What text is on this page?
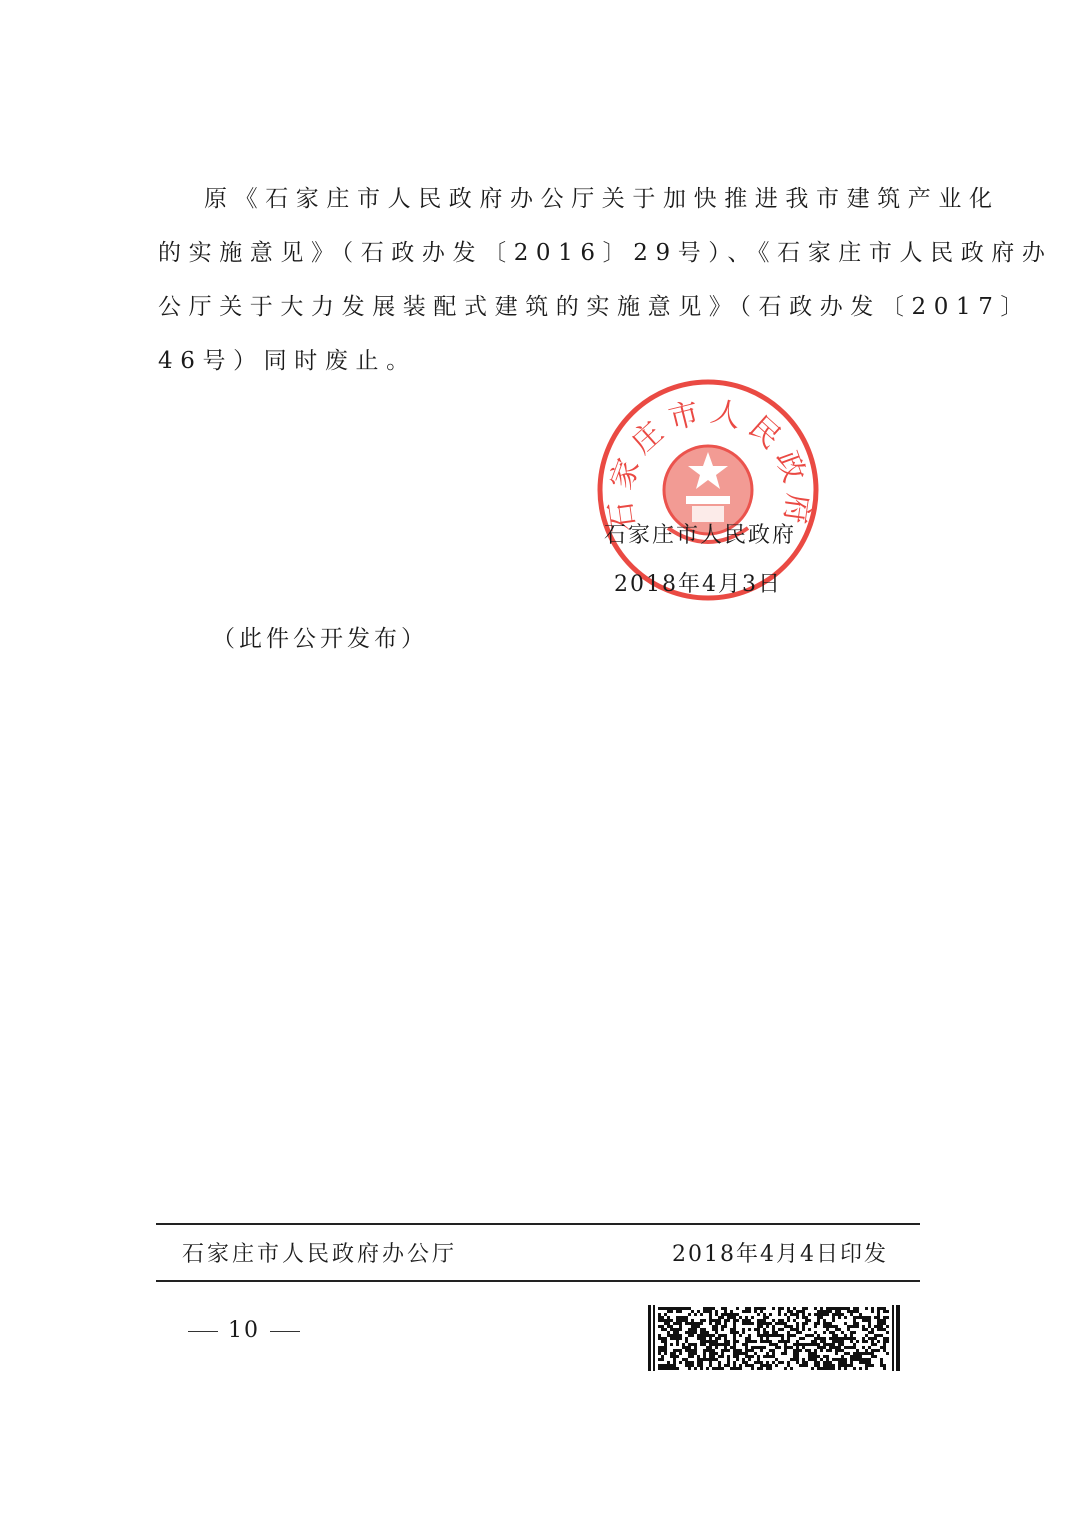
原《石家庄市人民政府办公厅关于加快推进我市建筑产业化
的实施意见》（石政办发〔2016〕29号）、《石家庄市人民政府办
公厅关于大力发展装配式建筑的实施意见》（石政办发〔2017〕
46号）同时废止。
石家庄市人民政府
石家庄市人民政府
2018年4月3日
（此件公开发布）
石家庄市人民政府办公厅	2018年4月4日印发
10
